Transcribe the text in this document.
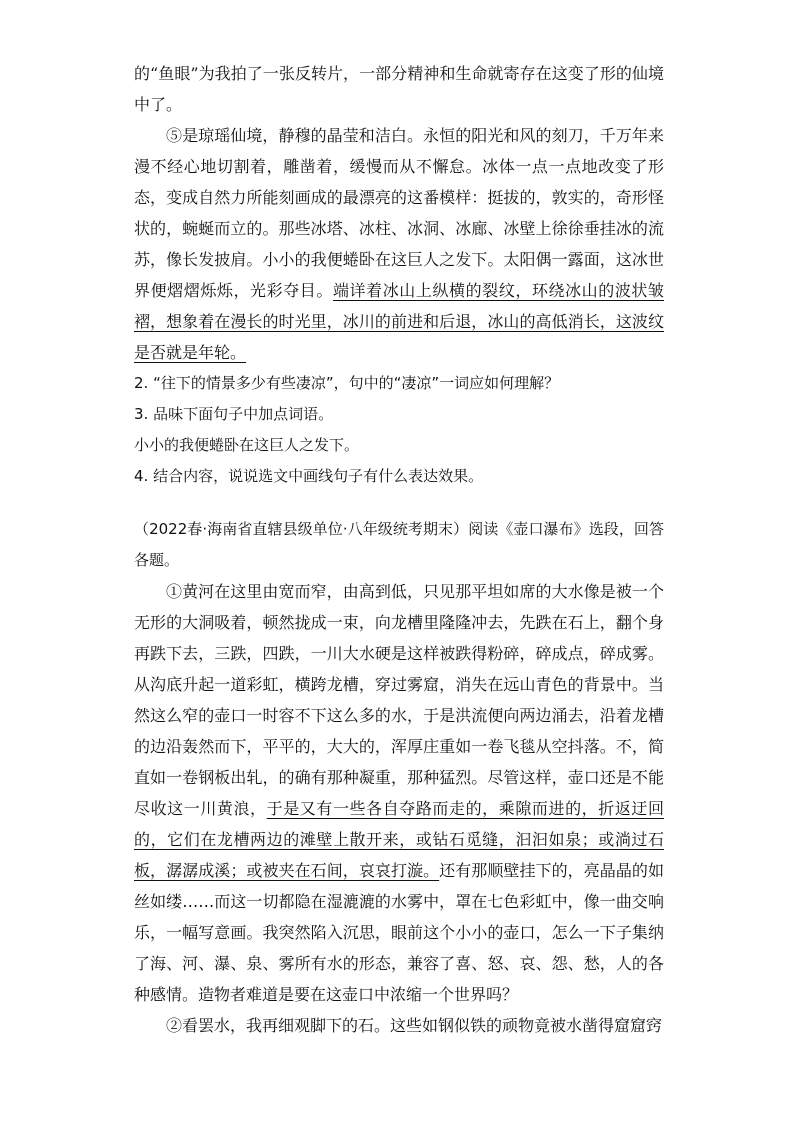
的“鱼眼”为我拍了一张反转片，一部分精神和生命就寄存在这变了形的仙境中了。

⑤是琼瑶仙境，静穆的晶莹和洁白。永恒的阳光和风的刻刀，千万年来漫不经心地切割着，雕凿着，缓慢而从不懈怠。冰体一点一点地改变了形态，变成自然力所能刻画成的最漂亮的这番模样：挺拔的，敦实的，奇形怪状的，蜿蜒而立的。那些冰塔、冰柱、冰洞、冰廊、冰壁上徐徐垂挂冰的流苏，像长发披肩。小小的我便蜷卧在这巨人之发下。太阳偶一露面，这冰世界便熠熠烁烁，光彩夺目。端详着冰山上纵横的裂纹，环绕冰山的波状皱褶，想象着在漫长的时光里，冰川的前进和后退，冰山的高低消长，这波纹是否就是年轮。

2. “往下的情景多少有些凄凉”，句中的“凄凉”一词应如何理解？

3. 品味下面句子中加点词语。

小小的我便蜷卧在这巨人之发下。

4. 结合内容，说说选文中画线句子有什么表达效果。

（2022春·海南省直辖县级单位·八年级统考期末）阅读《壶口瀑布》选段，回答各题。

①黄河在这里由宽而窄，由高到低，只见那平坦如席的大水像是被一个无形的大洞吸着，顿然拢成一束，向龙槽里隆隆冲去，先跌在石上，翻个身再跌下去，三跌，四跌，一川大水硬是这样被跌得粉碎，碎成点，碎成雾。从沟底升起一道彩虹，横跨龙槽，穿过雾窟，消失在远山青色的背景中。当然这么窄的壶口一时容不下这么多的水，于是洪流便向两边涌去，沿着龙槽的边沿轰然而下，平平的，大大的，浑厚庄重如一卷飞毯从空抖落。不，简直如一卷钢板出轧，的确有那种凝重，那种猛烈。尽管这样，壶口还是不能尽收这一川黄浪，于是又有一些各自夺路而走的，乘隙而进的，折返迂回的，它们在龙槽两边的滩壁上散开来，或钻石觅缝，汩汩如泉；或淌过石板，潺潺成溪；或被夹在石间，哀哀打漩。还有那顺壁挂下的，亮晶晶的如丝如缕……而这一切都隐在湿漉漉的水雾中，罩在七色彩虹中，像一曲交响乐，一幅写意画。我突然陷入沉思，眼前这个小小的壶口，怎么一下子集纳了海、河、瀑、泉、雾所有水的形态，兼容了喜、怒、哀、怨、愁，人的各种感情。造物者难道是要在这壶口中浓缩一个世界吗？

②看罢水，我再细观脚下的石。这些如钢似铁的顽物竟被水凿得窟窟窍
